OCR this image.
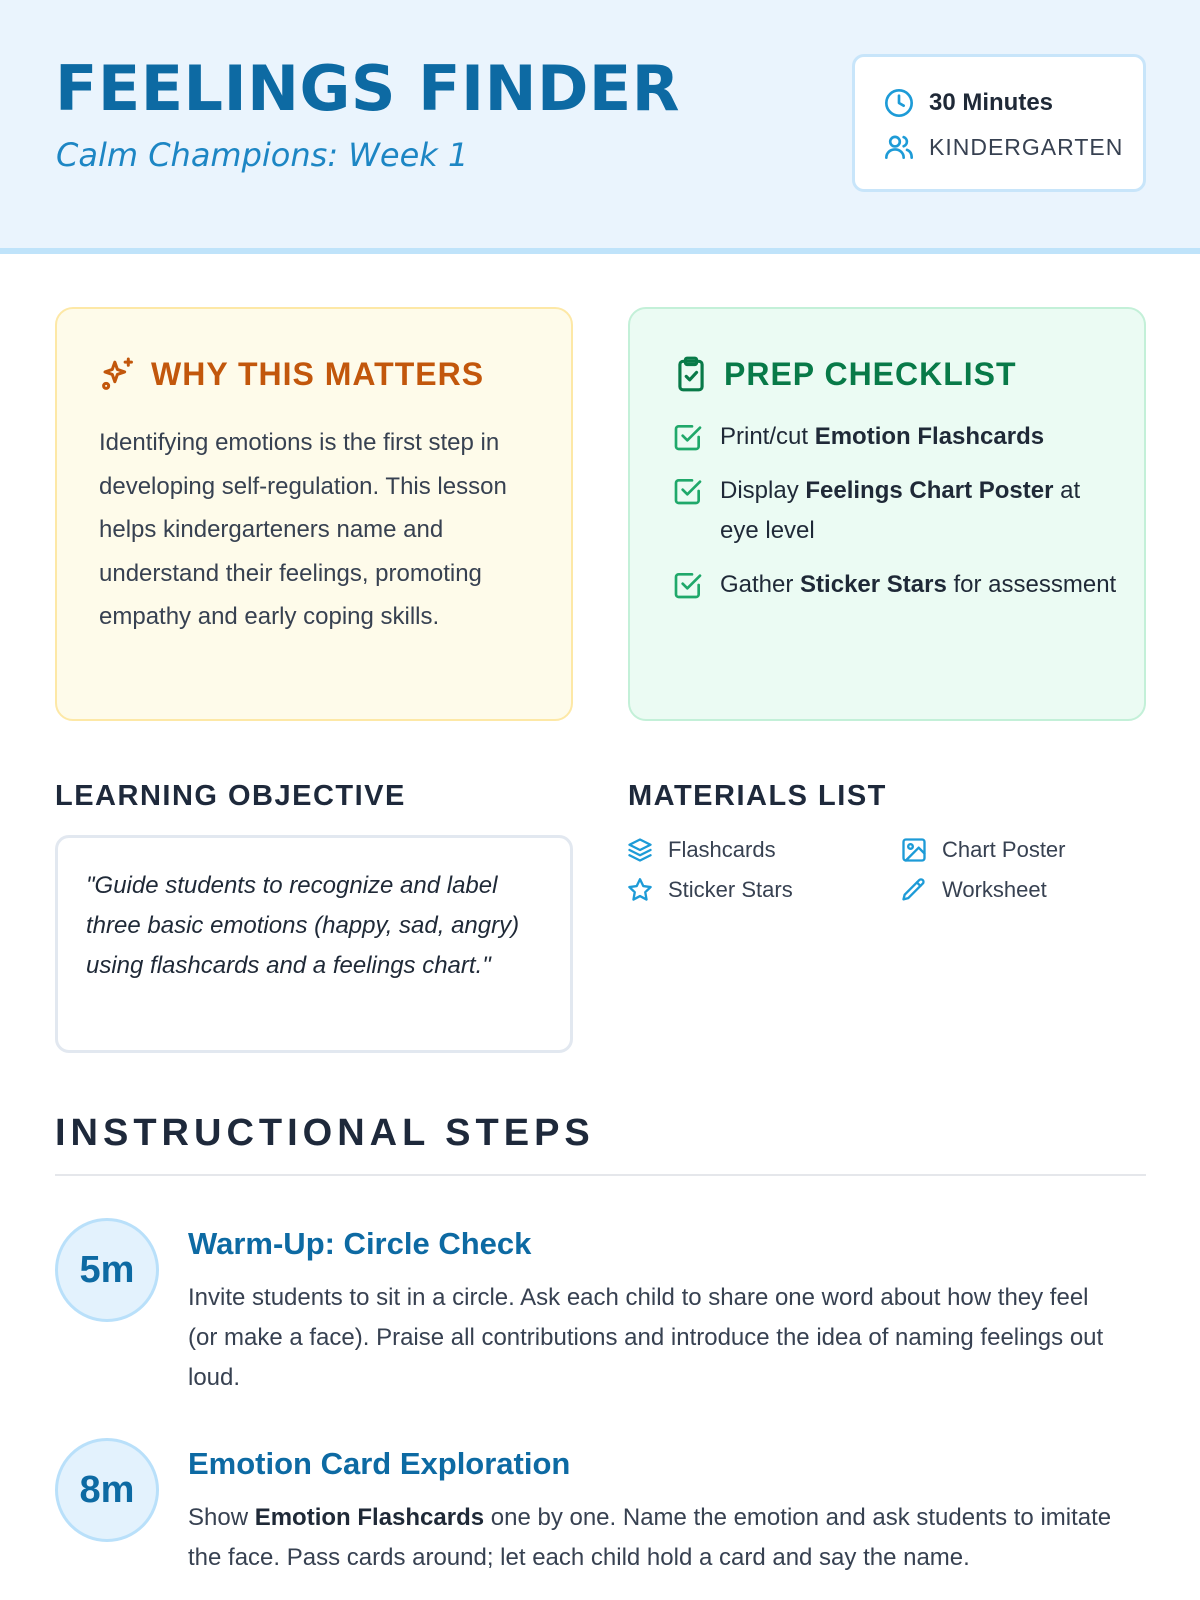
FEELINGS FINDER
Calm Champions: Week 1
30 Minutes
KINDERGARTEN
WHY THIS MATTERS
Identifying emotions is the first step in developing self-regulation. This lesson helps kindergarteners name and understand their feelings, promoting empathy and early coping skills.
PREP CHECKLIST
Print/cut Emotion Flashcards
Display Feelings Chart Poster at eye level
Gather Sticker Stars for assessment
LEARNING OBJECTIVE
"Guide students to recognize and label three basic emotions (happy, sad, angry) using flashcards and a feelings chart."
MATERIALS LIST
Flashcards	Chart Poster
Sticker Stars	Worksheet
INSTRUCTIONAL STEPS
5m
Warm-Up: Circle Check
Invite students to sit in a circle. Ask each child to share one word about how they feel (or make a face). Praise all contributions and introduce the idea of naming feelings out loud.
8m
Emotion Card Exploration
Show Emotion Flashcards one by one. Name the emotion and ask students to imitate the face. Pass cards around; let each child hold a card and say the name.
